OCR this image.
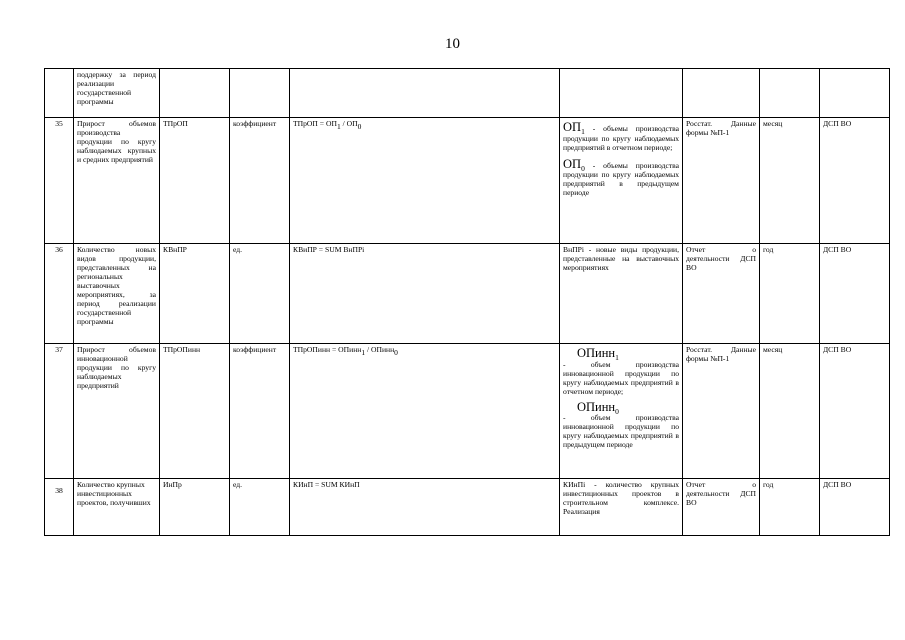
10
	поддержку за период реализации государственной программы							
35	Прирост объемов производства продукции по кругу наблюдаемых крупных и средних предприятий	ТПрОП	коэффициент	ТПрОП = $ОП_1 / ОП_0$	$ОП_1$ - объемы производства продукции по кругу наблюдаемых предприятий в отчетном периоде;
$ОП_0$ - объемы производства продукции по кругу наблюдаемых предприятий в предыдущем периоде	Росстат. Данные формы №П-1	месяц	ДСП ВО
36	Количество новых видов продукции, представленных на региональных выставочных мероприятиях, за период реализации государственной программы	КВнПР	ед.	КВиПР = SUM ВнПРi	ВнПРi - новые виды продукции, представленные на выставочных мероприятиях	Отчет о деятельности ДСП ВО	год	ДСП ВО
37	Прирост объемов инновационной продукции по кругу наблюдаемых предприятий	ТПрОПинн	коэффициент	ТПрОПинн = ОПинн$_1$ / ОПинн$_0$	ОПинн$_1$
- объем производства инновационной продукции по кругу наблюдаемых предприятий в отчетном периоде;
ОПинн$_0$
- объем производства инновационной продукции по кругу наблюдаемых предприятий в предыдущем периоде	Росстат. Данные формы №П-1	месяц	ДСП ВО
38	Количество крупных инвестиционных проектов, получивших	ИнПр	ед.	КИнП = SUM КИнП	КИнПi - количество крупных инвестиционных проектов в строительном комплексе. Реализация	Отчет о деятельности ДСП ВО	год	ДСП ВО
